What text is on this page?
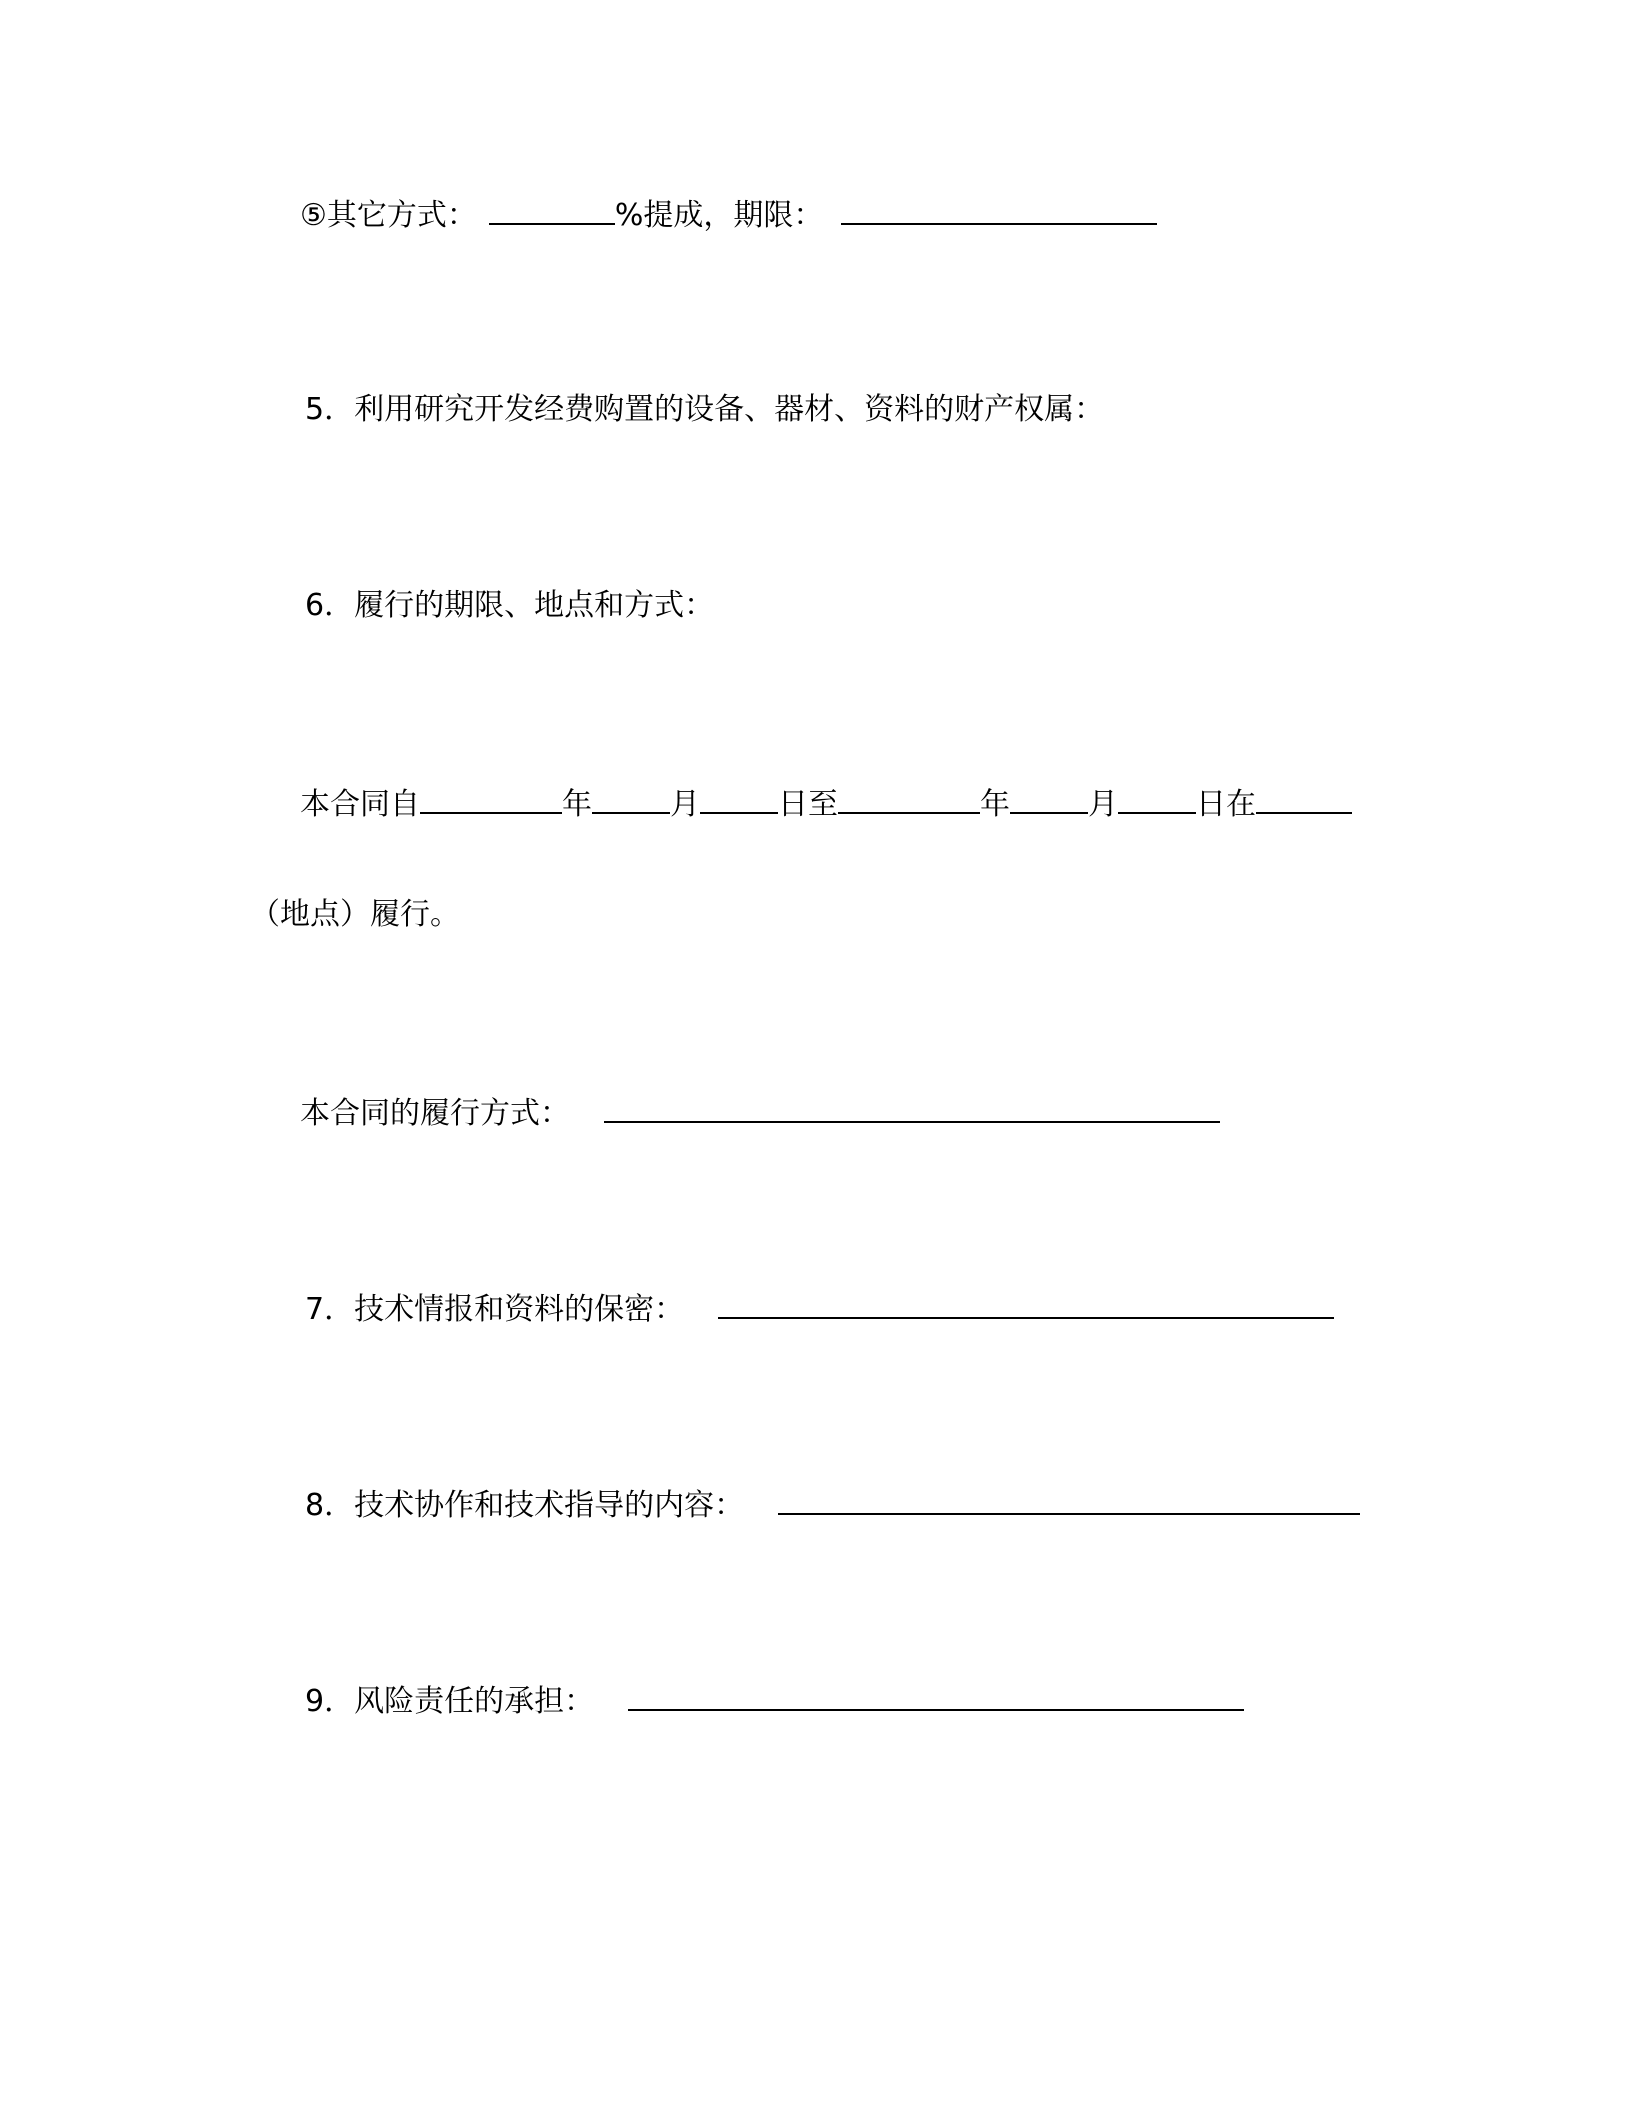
⑤其它方式：	%提成，期限：
5．利用研究开发经费购置的设备、器材、资料的财产权属：
6．履行的期限、地点和方式：
本合同自	年	月	日至	年	月	日在
（地点）履行。
本合同的履行方式：
7．技术情报和资料的保密：
8．技术协作和技术指导的内容：
9．风险责任的承担：
